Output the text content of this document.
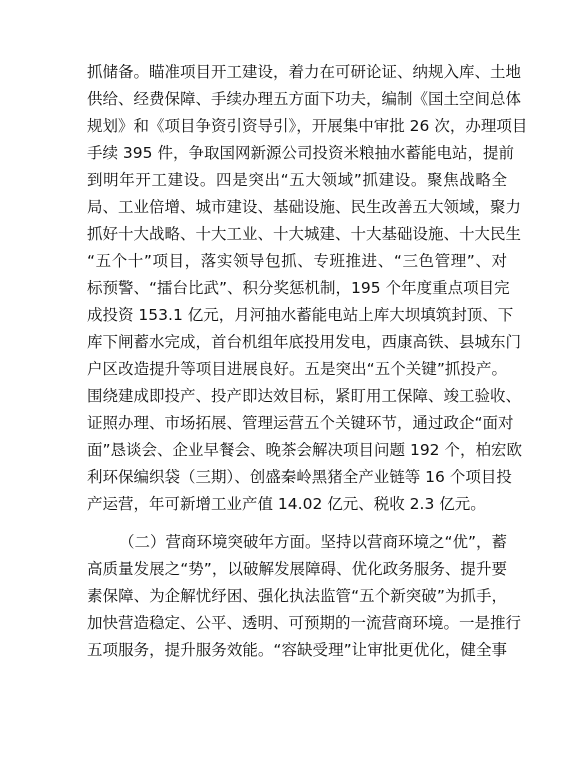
抓储备。瞄准项目开工建设，着力在可研论证、纳规入库、土地
供给、经费保障、手续办理五方面下功夫，编制《国土空间总体
规划》和《项目争资引资导引》，开展集中审批 26 次，办理项目
手续 395 件，争取国网新源公司投资米粮抽水蓄能电站，提前
到明年开工建设。四是突出“五大领域”抓建设。聚焦战略全
局、工业倍增、城市建设、基础设施、民生改善五大领域，聚力
抓好十大战略、十大工业、十大城建、十大基础设施、十大民生
“五个十”项目，落实领导包抓、专班推进、“三色管理”、对
标预警、“擂台比武”、积分奖惩机制，195 个年度重点项目完
成投资 153.1 亿元，月河抽水蓄能电站上库大坝填筑封顶、下
库下闸蓄水完成，首台机组年底投用发电，西康高铁、县城东门
户区改造提升等项目进展良好。五是突出“五个关键”抓投产。
围绕建成即投产、投产即达效目标，紧盯用工保障、竣工验收、
证照办理、市场拓展、管理运营五个关键环节，通过政企“面对
面”恳谈会、企业早餐会、晚茶会解决项目问题 192 个，柏宏欧
利环保编织袋（三期）、创盛秦岭黑猪全产业链等 16 个项目投
产运营，年可新增工业产值 14.02 亿元、税收 2.3 亿元。
（二）营商环境突破年方面。坚持以营商环境之“优”，蓄
高质量发展之“势”，以破解发展障碍、优化政务服务、提升要
素保障、为企解忧纾困、强化执法监管“五个新突破”为抓手，
加快营造稳定、公平、透明、可预期的一流营商环境。一是推行
五项服务，提升服务效能。“容缺受理”让审批更优化，健全事
